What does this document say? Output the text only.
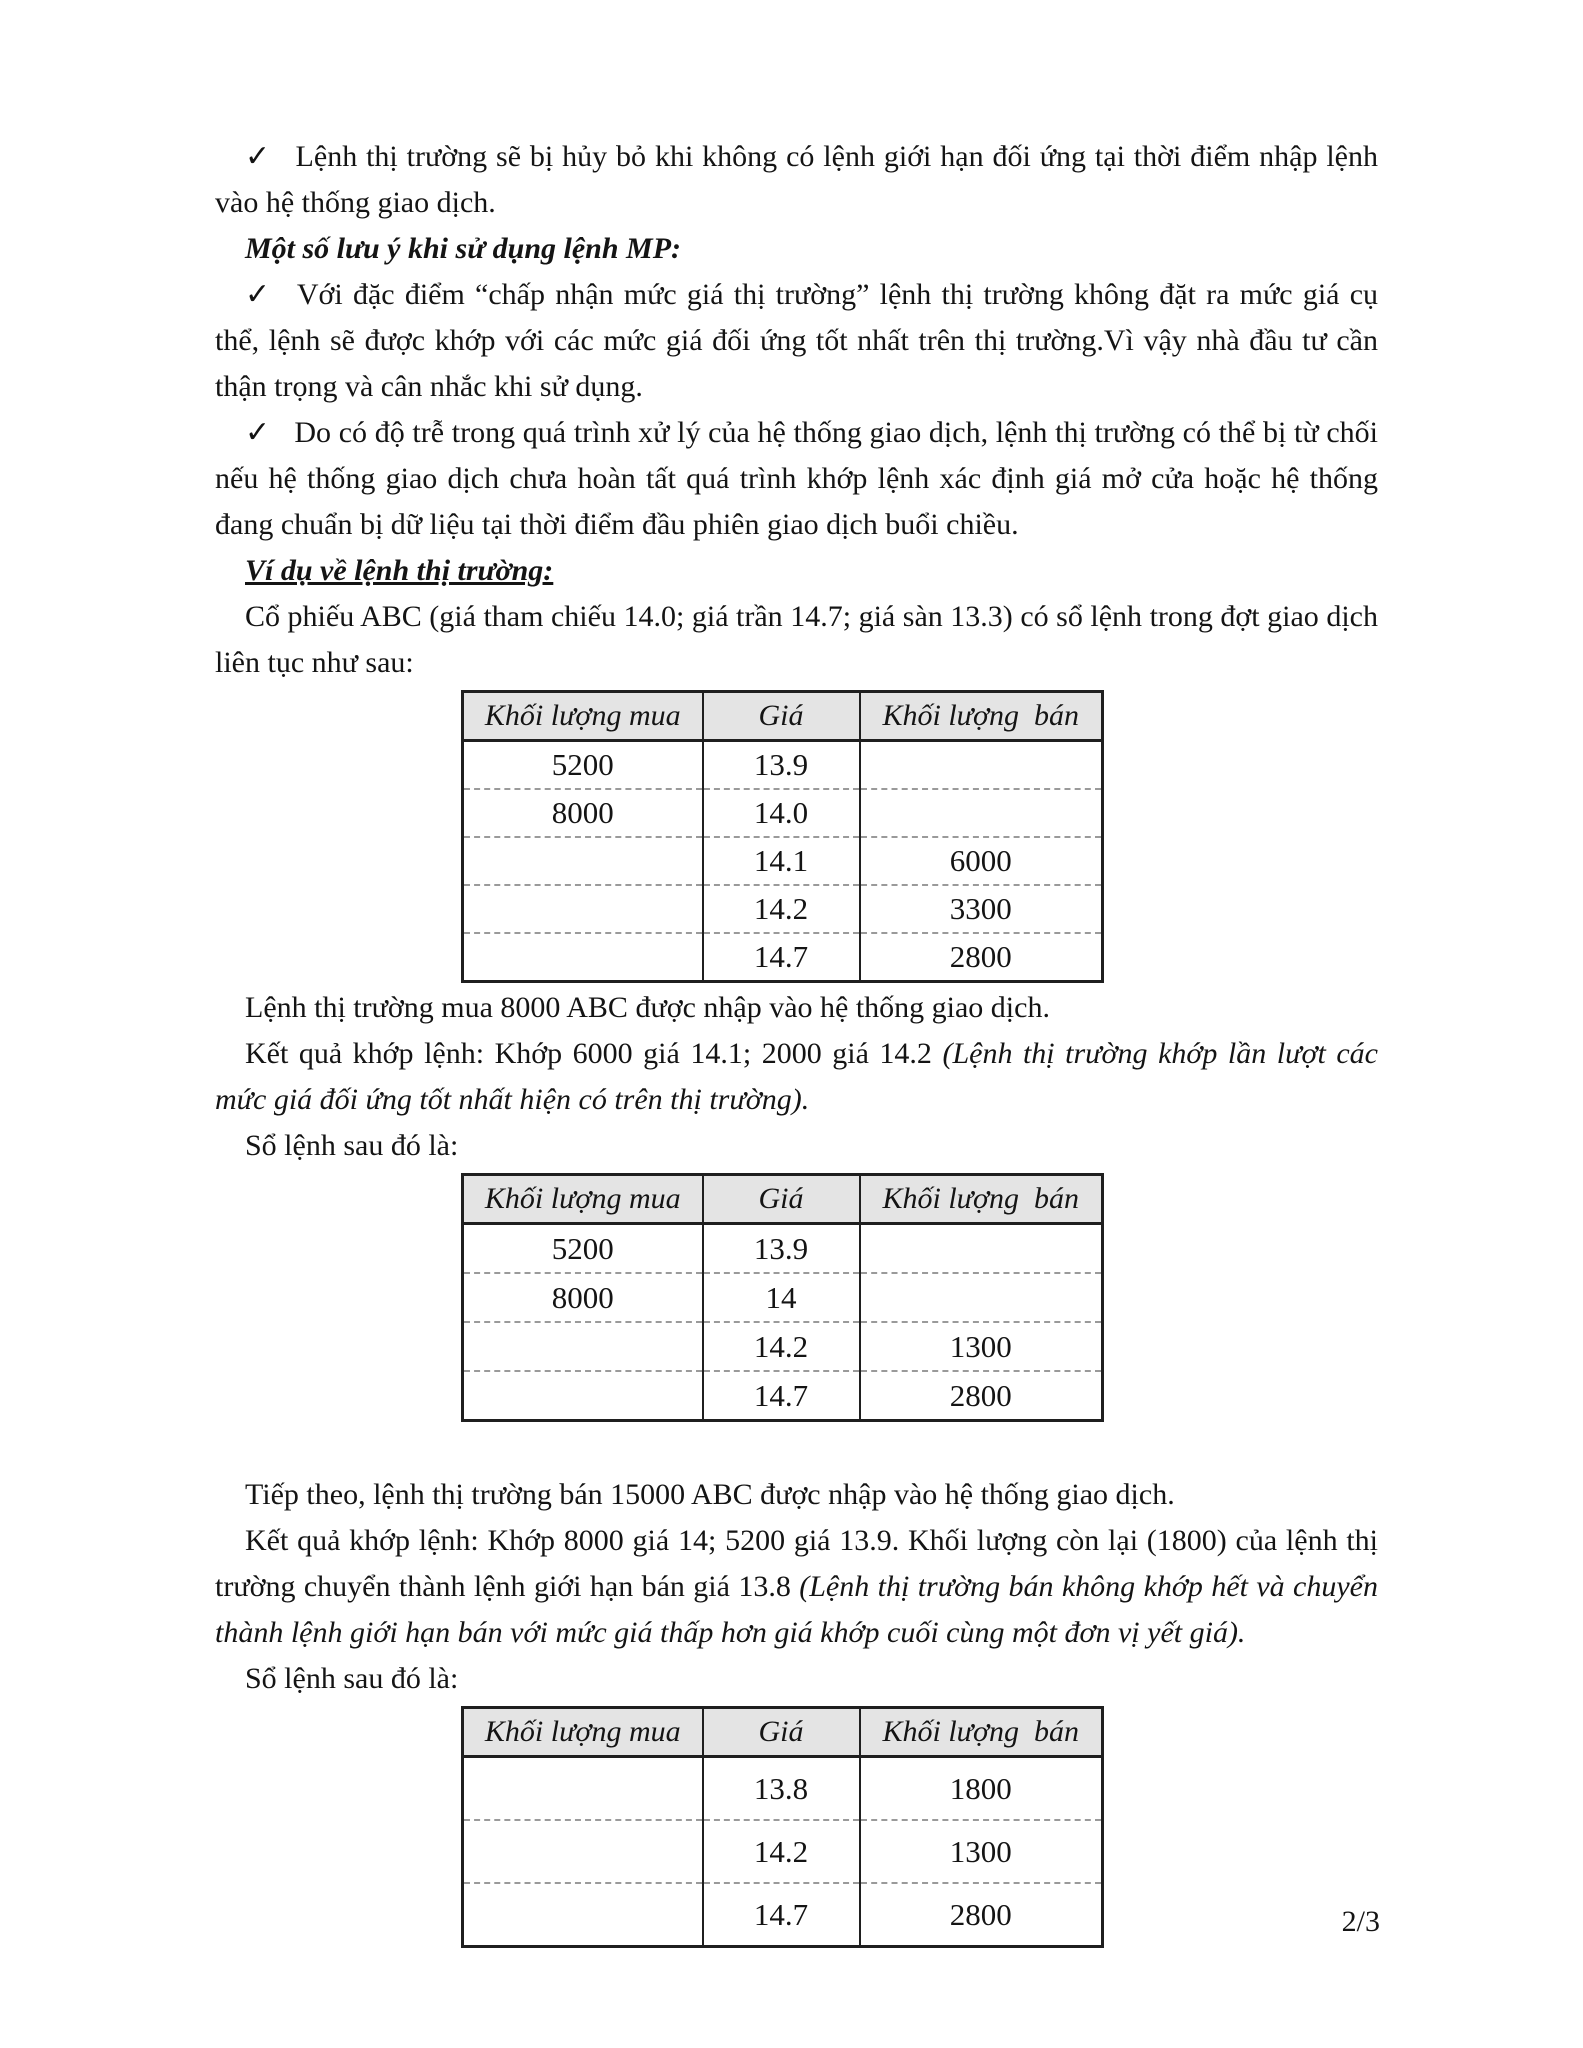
✓ Lệnh thị trường sẽ bị hủy bỏ khi không có lệnh giới hạn đối ứng tại thời điểm nhập lệnh vào hệ thống giao dịch.

Một số lưu ý khi sử dụng lệnh MP:

✓ Với đặc điểm “chấp nhận mức giá thị trường” lệnh thị trường không đặt ra mức giá cụ thể, lệnh sẽ được khớp với các mức giá đối ứng tốt nhất trên thị trường.Vì vậy nhà đầu tư cần thận trọng và cân nhắc khi sử dụng.

✓ Do có độ trễ trong quá trình xử lý của hệ thống giao dịch, lệnh thị trường có thể bị từ chối nếu hệ thống giao dịch chưa hoàn tất quá trình khớp lệnh xác định giá mở cửa hoặc hệ thống đang chuẩn bị dữ liệu tại thời điểm đầu phiên giao dịch buổi chiều.

Ví dụ về lệnh thị trường:

Cổ phiếu ABC (giá tham chiếu 14.0; giá trần 14.7; giá sàn 13.3) có sổ lệnh trong đợt giao dịch liên tục như sau:

Khối lượng mua	Giá	Khối lượng  bán
5200	13.9	
8000	14.0	
	14.1	6000
	14.2	3300
	14.7	2800

Lệnh thị trường mua 8000 ABC được nhập vào hệ thống giao dịch.

Kết quả khớp lệnh: Khớp 6000 giá 14.1; 2000 giá 14.2 (Lệnh thị trường khớp lần lượt các mức giá đối ứng tốt nhất hiện có trên thị trường).

Sổ lệnh sau đó là:

Khối lượng mua	Giá	Khối lượng  bán
5200	13.9	
8000	14	
	14.2	1300
	14.7	2800

Tiếp theo, lệnh thị trường bán 15000 ABC được nhập vào hệ thống giao dịch.

Kết quả khớp lệnh: Khớp 8000 giá 14; 5200 giá 13.9. Khối lượng còn lại (1800) của lệnh thị trường chuyển thành lệnh giới hạn bán giá 13.8 (Lệnh thị trường bán không khớp hết và chuyển thành lệnh giới hạn bán với mức giá thấp hơn giá khớp cuối cùng một đơn vị yết giá).

Sổ lệnh sau đó là:

Khối lượng mua	Giá	Khối lượng  bán
	13.8	1800
	14.2	1300
	14.7	2800	2/3
